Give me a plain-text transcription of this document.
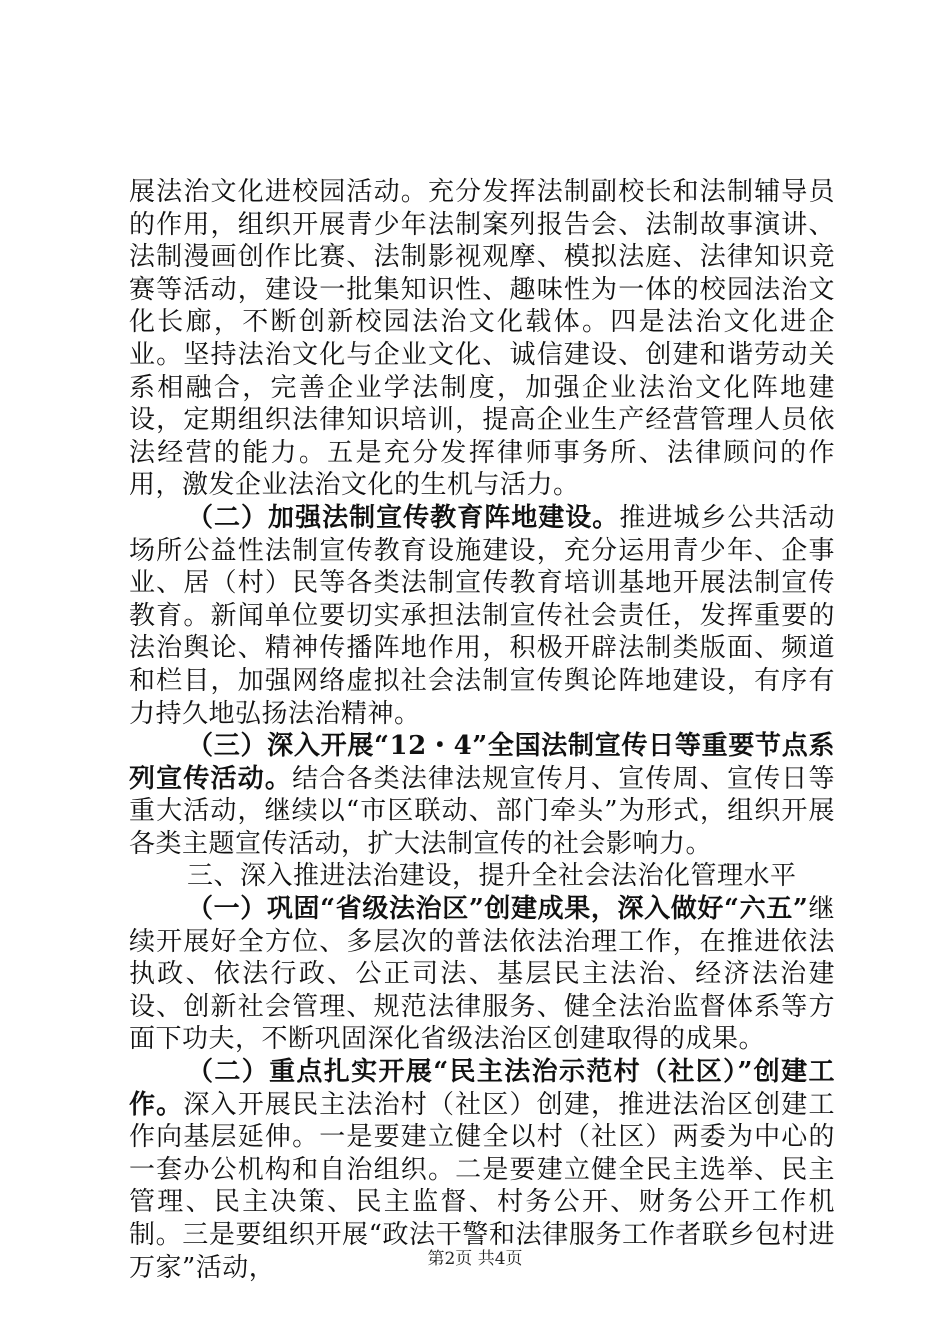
展法治文化进校园活动。充分发挥法制副校长和法制辅导员的作用，组织开展青少年法制案列报告会、法制故事演讲、法制漫画创作比赛、法制影视观摩、模拟法庭、法律知识竞赛等活动，建设一批集知识性、趣味性为一体的校园法治文化长廊，不断创新校园法治文化载体。四是法治文化进企业。坚持法治文化与企业文化、诚信建设、创建和谐劳动关系相融合，完善企业学法制度，加强企业法治文化阵地建设，定期组织法律知识培训，提高企业生产经营管理人员依法经营的能力。五是充分发挥律师事务所、法律顾问的作用，激发企业法治文化的生机与活力。

（二）加强法制宣传教育阵地建设。推进城乡公共活动场所公益性法制宣传教育设施建设，充分运用青少年、企事业、居（村）民等各类法制宣传教育培训基地开展法制宣传教育。新闻单位要切实承担法制宣传社会责任，发挥重要的法治舆论、精神传播阵地作用，积极开辟法制类版面、频道和栏目，加强网络虚拟社会法制宣传舆论阵地建设，有序有力持久地弘扬法治精神。

（三）深入开展“12・4”全国法制宣传日等重要节点系列宣传活动。结合各类法律法规宣传月、宣传周、宣传日等重大活动，继续以“市区联动、部门牵头”为形式，组织开展各类主题宣传活动，扩大法制宣传的社会影响力。

三、深入推进法治建设，提升全社会法治化管理水平

（一）巩固“省级法治区”创建成果，深入做好“六五”继续开展好全方位、多层次的普法依法治理工作，在推进依法执政、依法行政、公正司法、基层民主法治、经济法治建设、创新社会管理、规范法律服务、健全法治监督体系等方面下功夫，不断巩固深化省级法治区创建取得的成果。

（二）重点扎实开展“民主法治示范村（社区）”创建工作。深入开展民主法治村（社区）创建，推进法治区创建工作向基层延伸。一是要建立健全以村（社区）两委为中心的一套办公机构和自治组织。二是要建立健全民主选举、民主管理、民主决策、民主监督、村务公开、财务公开工作机制。三是要组织开展“政法干警和法律服务工作者联乡包村进万家”活动，	第2页 共4页
